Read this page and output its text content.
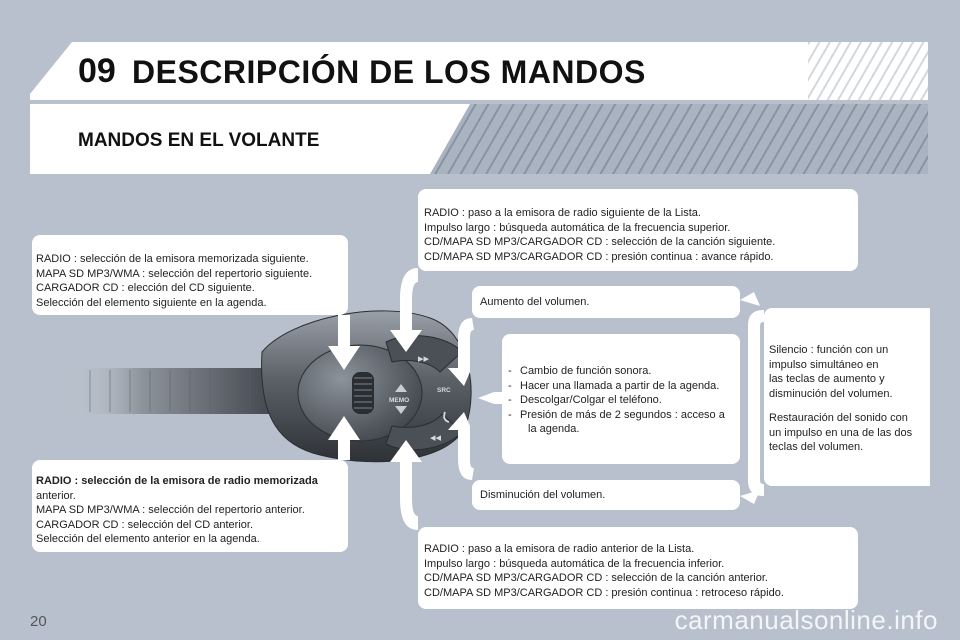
09 DESCRIPCIÓN DE LOS MANDOS
MANDOS EN EL VOLANTE
MEMO
▸▸
◂◂
SRC

RADIO : selección de la emisora memorizada siguiente.

MAPA SD MP3/WMA : selección del repertorio siguiente.

CARGADOR CD : elección del CD siguiente.

Selección del elemento siguiente en la agenda.

RADIO : selección de la emisora de radio memorizada

anterior.

MAPA SD MP3/WMA : selección del repertorio anterior.

CARGADOR CD : selección del CD anterior.

Selección del elemento anterior en la agenda.

RADIO : paso a la emisora de radio siguiente de la Lista.

Impulso largo : búsqueda automática de la frecuencia superior.

CD/MAPA SD MP3/CARGADOR CD : selección de la canción siguiente.

CD/MAPA SD MP3/CARGADOR CD : presión continua : avance rápido.

Aumento del volumen.

- Cambio de función sonora.
- Hacer una llamada a partir de la agenda.
- Descolgar/Colgar el teléfono.
- Presión de más de 2 segundos : acceso a
la agenda.

Disminución del volumen.

Silencio : función con un

impulso simultáneo en

las teclas de aumento y

disminución del volumen.

Restauración del sonido con

un impulso en una de las dos

teclas del volumen.

RADIO : paso a la emisora de radio anterior de la Lista.

Impulso largo : búsqueda automática de la frecuencia inferior.

CD/MAPA SD MP3/CARGADOR CD : selección de la canción anterior.

CD/MAPA SD MP3/CARGADOR CD : presión continua : retroceso rápido.

20	carmanualsonline.info
